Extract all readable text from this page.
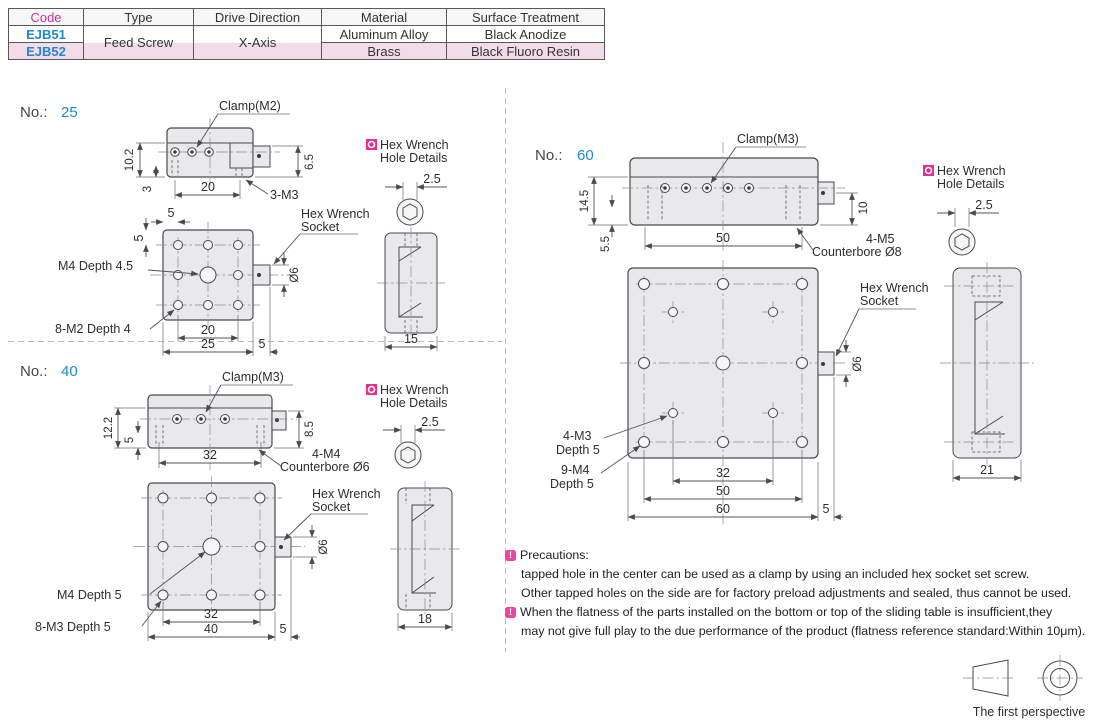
Code	Type	Drive Direction	Material	Surface Treatment
EJB51	Feed Screw	X-Axis	Aluminum Alloy	Black Anodize
EJB52			Brass	Black Fluoro Resin
No.: 25	Clamp(M2)
10.2
3
6.5
20
3-M3
5
5
M4 Depth 4.5
8-M2 Depth 4
Hex Wrench
Socket
20
25	5
Ø6
Hex Wrench
Hole Details
2.5
15
No.: 40	Clamp(M3)
12.2
5
8.5
32	4-M4
Counterbore Ø6
M4 Depth 5
8-M3 Depth 5
Hex Wrench
Socket
32
40	5
Ø6
Hex Wrench
Hole Details
2.5
18
No.: 60
Clamp(M3)
14.5
5.5	50
10
4-M5
Counterbore Ø8
Hex Wrench
Socket
4-M3
Depth 5
9-M4
Depth 5
32
50
60	5
Ø6
Hex Wrench
Hole Details
2.5
21
The first perspective
! Precautions:
tapped hole in the center can be used as a clamp by using an included hex socket set screw.
Other tapped holes on the side are for factory preload adjustments and sealed, thus cannot be used.
! When the flatness of the parts installed on the bottom or top of the sliding table is insufficient,they
may not give full play to the due performance of the product (flatness reference standard:Within 10μm).
